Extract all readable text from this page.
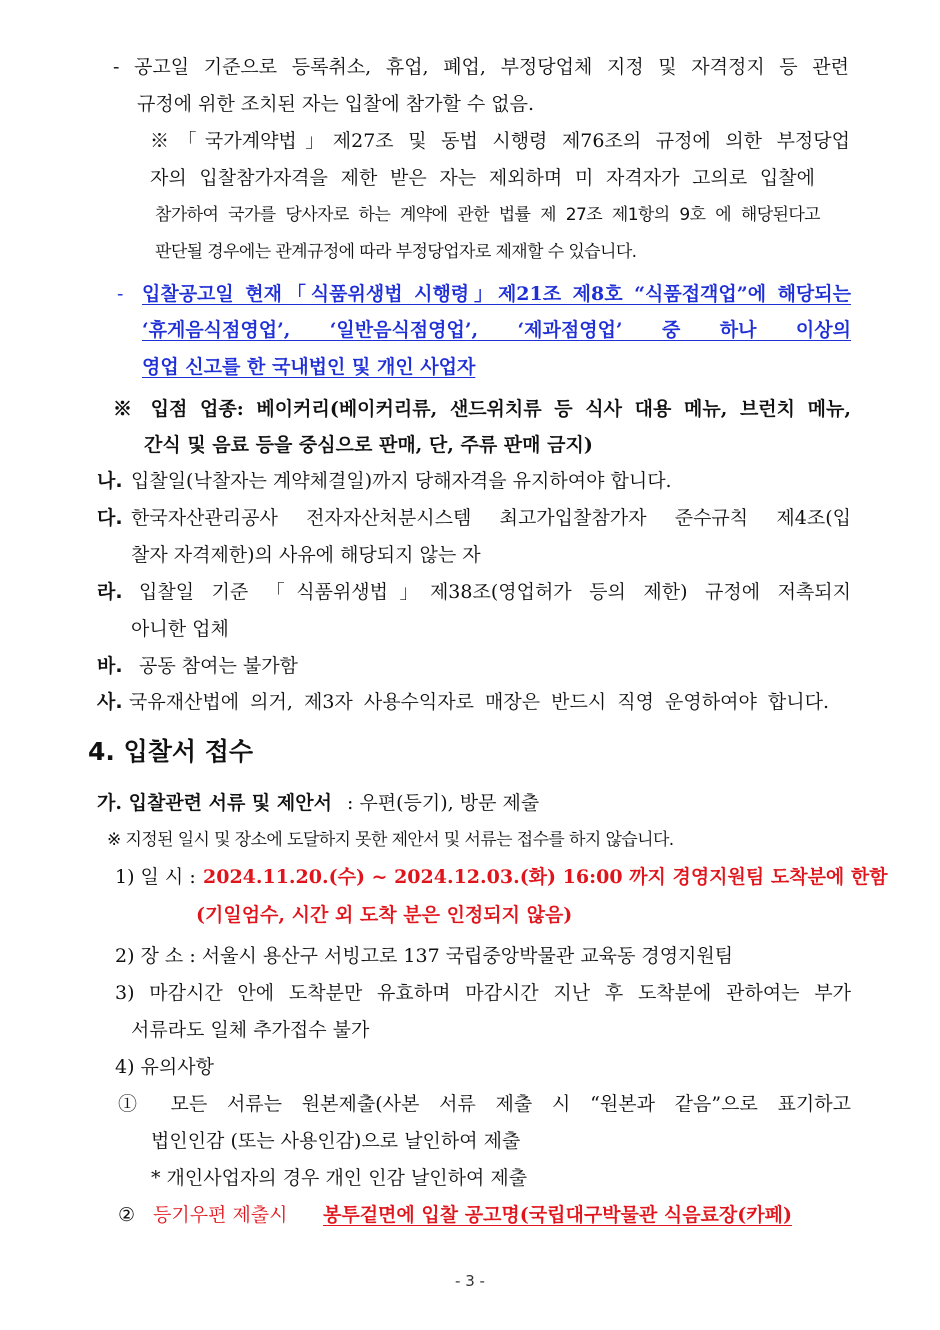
- 공고일 기준으로 등록취소, 휴업, 폐업, 부정당업체 지정 및 자격정지 등 관련
규정에 위한 조치된 자는 입찰에 참가할 수 없음.
※「국가계약법」제27조 및 동법 시행령 제76조의 규정에 의한 부정당업
자의 입찰참가자격을 제한 받은 자는 제외하며 미 자격자가 고의로 입찰에
참가하여 국가를 당사자로 하는 계약에 관한 법률 제 27조 제1항의 9호 에 해당된다고
판단될 경우에는 관계규정에 따라 부정당업자로 제재할 수 있습니다.
- 입찰공고일 현재「식품위생법 시행령」제21조 제8호 “식품접객업”에 해당되는
‘휴게음식점영업’, ‘일반음식점영업’, ‘제과점영업’ 중 하나 이상의
영업 신고를 한 국내법인 및 개인 사업자
※ 입점 업종: 베이커리(베이커리류, 샌드위치류 등 식사 대용 메뉴, 브런치 메뉴,
간식 및 음료 등을 중심으로 판매, 단, 주류 판매 금지)
나. 입찰일(낙찰자는 계약체결일)까지 당해자격을 유지하여야 합니다.
다. 한국자산관리공사 전자자산처분시스템 최고가입찰참가자 준수규칙 제4조(입
찰자 자격제한)의 사유에 해당되지 않는 자
라. 입찰일 기준 「식품위생법」제38조(영업허가 등의 제한) 규정에 저촉되지
아니한 업체
바. 공동 참여는 불가함
사. 국유재산법에 의거, 제3자 사용수익자로 매장은 반드시 직영 운영하여야 합니다.
4. 입찰서 접수
가. 입찰관련 서류 및 제안서 : 우편(등기), 방문 제출
※ 지정된 일시 및 장소에 도달하지 못한 제안서 및 서류는 접수를 하지 않습니다.
1) 일 시 : 2024.11.20.(수) ~ 2024.12.03.(화) 16:00 까지 경영지원팀 도착분에 한함
(기일엄수, 시간 외 도착 분은 인정되지 않음)
2) 장 소 : 서울시 용산구 서빙고로 137 국립중앙박물관 교육동 경영지원팀
3) 마감시간 안에 도착분만 유효하며 마감시간 지난 후 도착분에 관하여는 부가
서류라도 일체 추가접수 불가
4) 유의사항
① 모든 서류는 원본제출(사본 서류 제출 시 “원본과 같음”으로 표기하고
법인인감 (또는 사용인감)으로 날인하여 제출
* 개인사업자의 경우 개인 인감 날인하여 제출
② 등기우편 제출시 봉투겉면에 입찰 공고명(국립대구박물관 식음료장(카페)
- 3 -
